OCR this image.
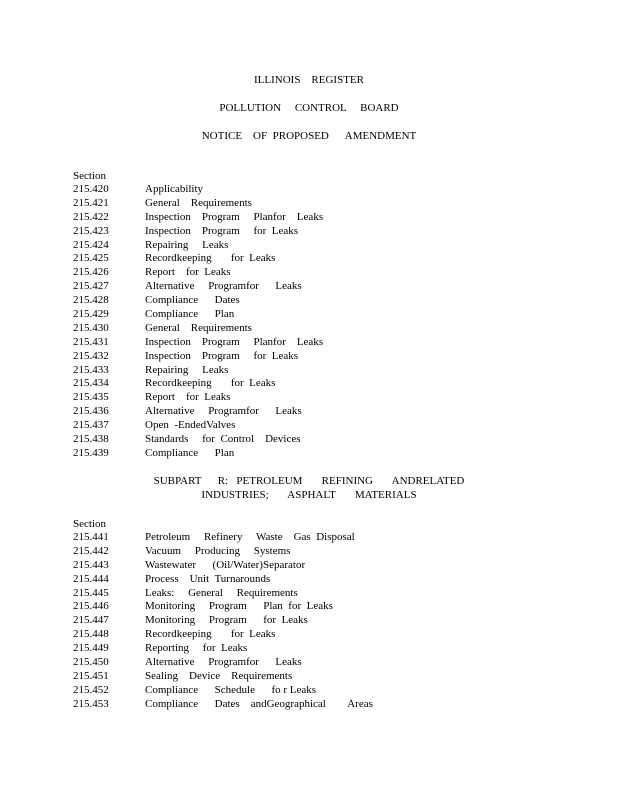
ILLINOIS    REGISTER
POLLUTION     CONTROL     BOARD
NOTICE    OF  PROPOSED      AMENDMENT
Section
215.420	Applicability
215.421	General    Requirements
215.422	Inspection    Program     Planfor    Leaks
215.423	Inspection    Program     for  Leaks
215.424	Repairing     Leaks
215.425	Recordkeeping       for  Leaks
215.426	Report    for  Leaks
215.427	Alternative     Programfor      Leaks
215.428	Compliance      Dates
215.429	Compliance      Plan
215.430	General    Requirements
215.431	Inspection    Program     Planfor    Leaks
215.432	Inspection    Program     for  Leaks
215.433	Repairing     Leaks
215.434	Recordkeeping       for  Leaks
215.435	Report    for  Leaks
215.436	Alternative     Programfor      Leaks
215.437	Open  -EndedValves
215.438	Standards     for  Control    Devices
215.439	Compliance      Plan
SUBPART      R:   PETROLEUM       REFINING       ANDRELATED
INDUSTRIES;       ASPHALT       MATERIALS
Section
215.441	Petroleum     Refinery     Waste    Gas  Disposal
215.442	Vacuum     Producing     Systems
215.443	Wastewater      (Oil/Water)Separator
215.444	Process    Unit  Turnarounds
215.445	Leaks:     General     Requirements
215.446	Monitoring     Program      Plan  for  Leaks
215.447	Monitoring     Program      for  Leaks
215.448	Recordkeeping       for  Leaks
215.449	Reporting     for  Leaks
215.450	Alternative     Programfor      Leaks
215.451	Sealing    Device    Requirements
215.452	Compliance      Schedule      fo r Leaks
215.453	Compliance      Dates    andGeographical        Areas
